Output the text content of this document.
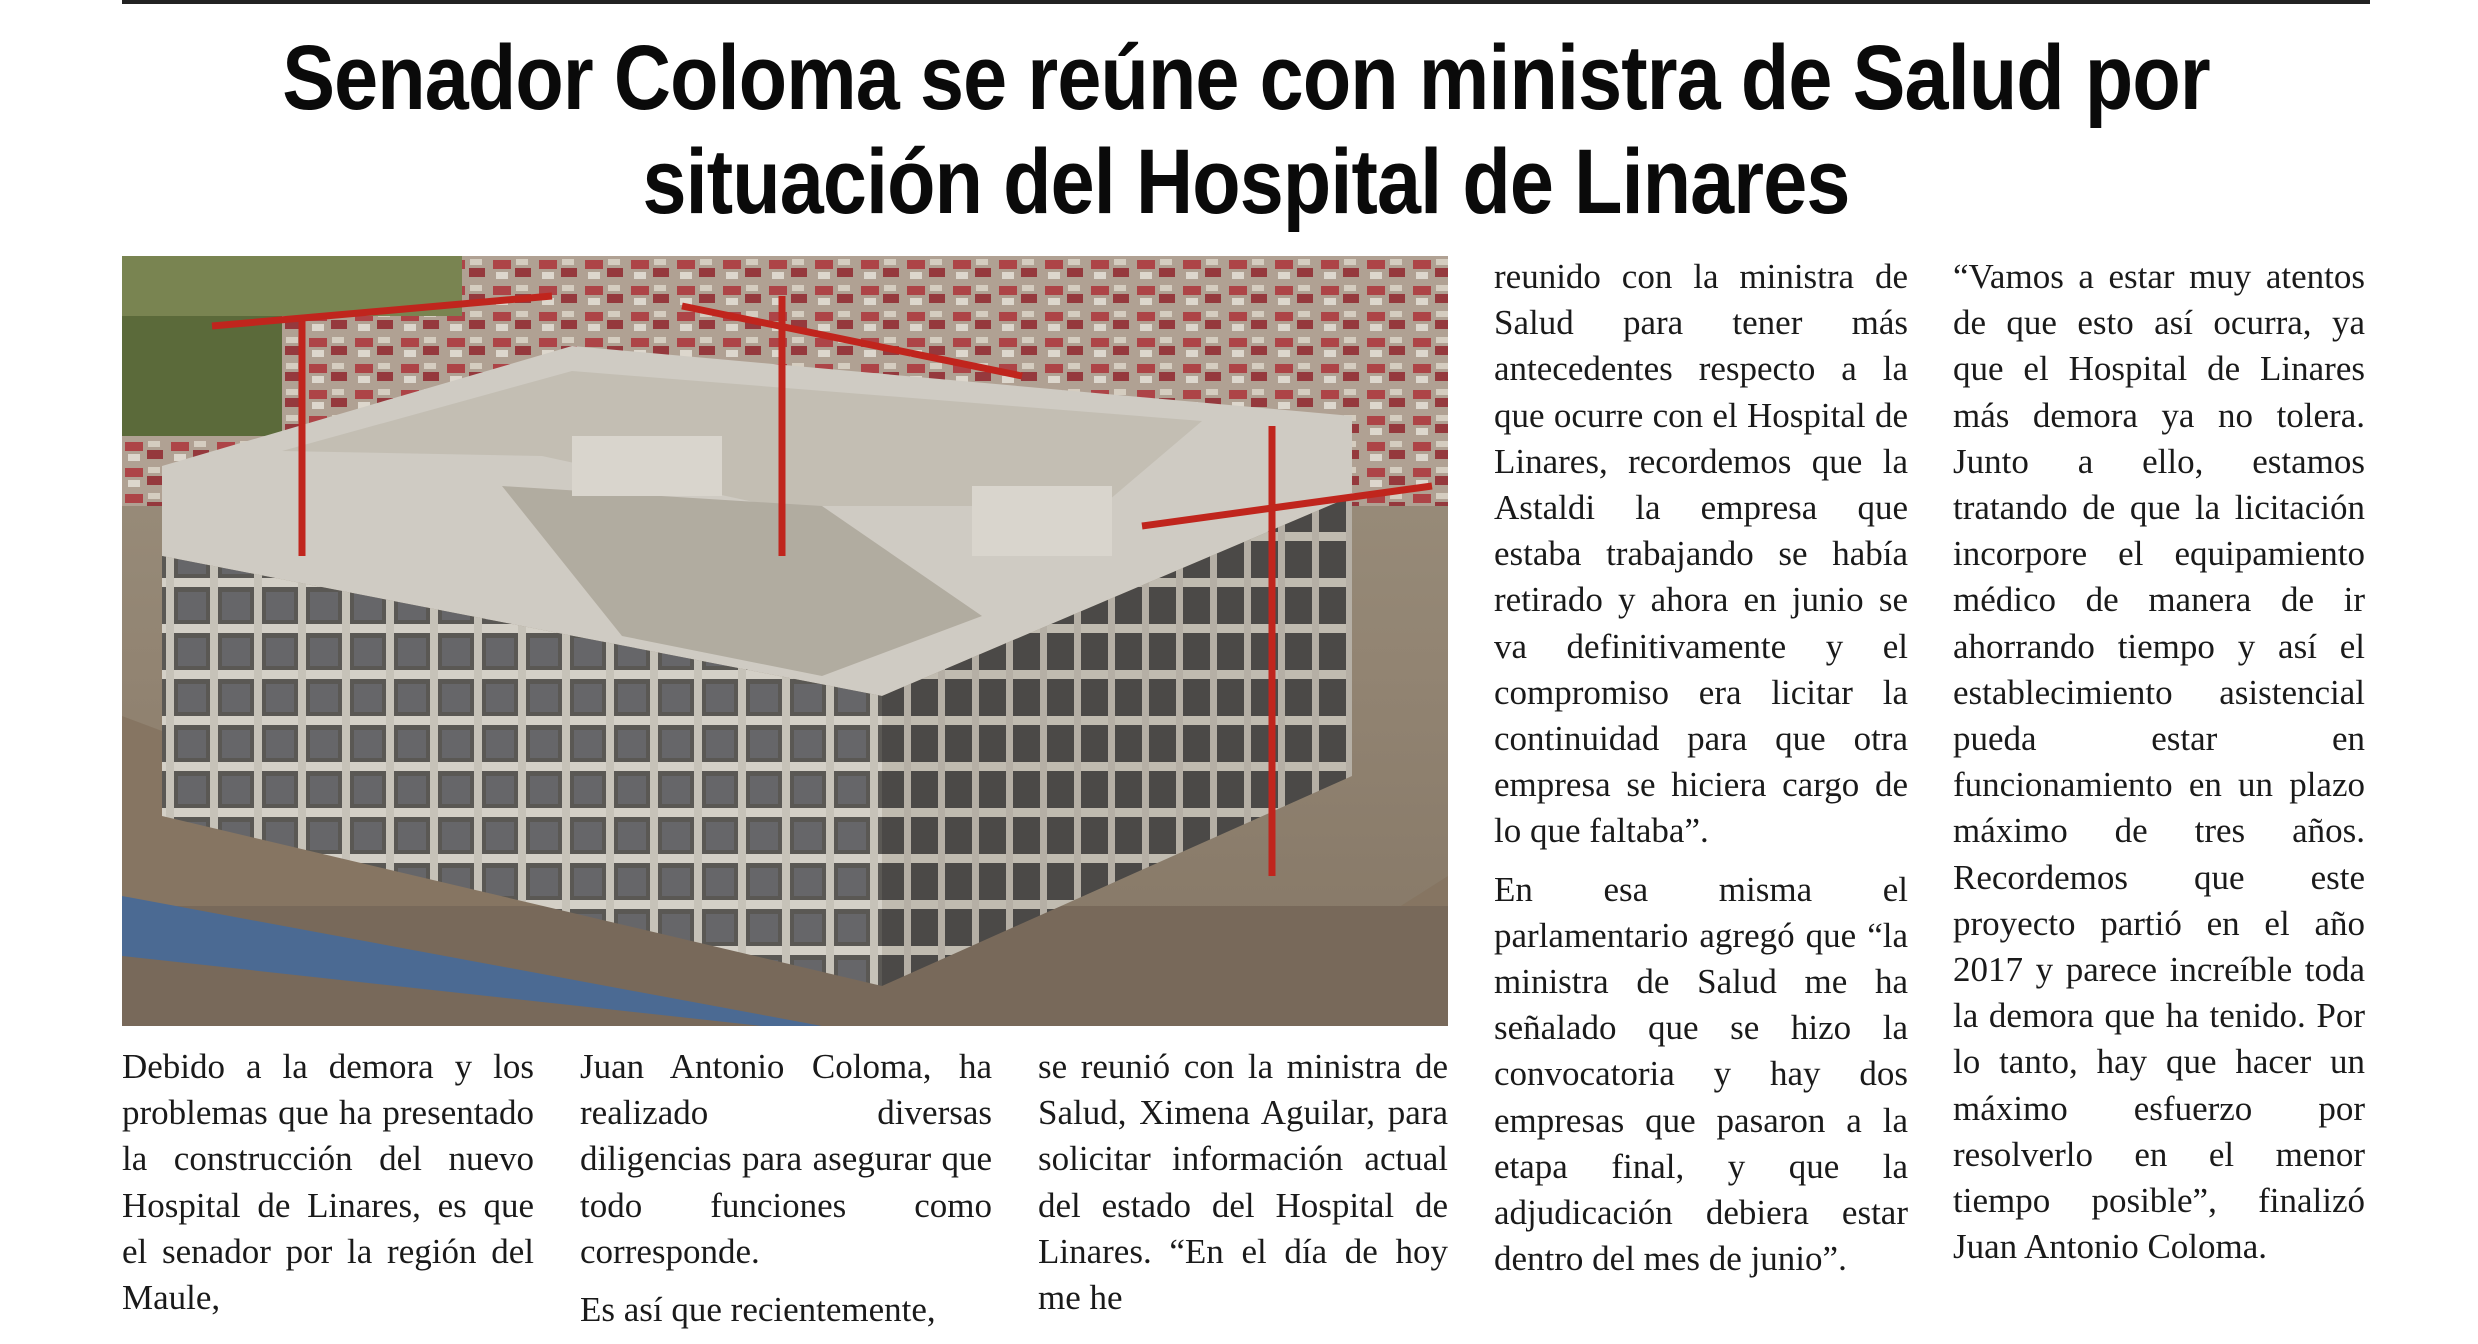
Senador Coloma se reúne con ministra de Salud por situación del Hospital de Linares

Debido a la demora y los problemas que ha presentado la construcción del nuevo Hospital de Linares, es que el senador por la región del Maule,

Juan Antonio Coloma, ha realizado diversas diligencias para asegurar que todo funciones como corresponde.

Es así que recientemente,

se reunió con la ministra de Salud, Ximena Aguilar, para solicitar información actual del estado del Hospital de Linares. “En el día de hoy me he

reunido con la ministra de Salud para tener más antecedentes respecto a la que ocurre con el Hospital de Linares, recordemos que la Astaldi la empresa que estaba trabajando se había retirado y ahora en junio se va definitivamente y el compromiso era licitar la continuidad para que otra empresa se hiciera cargo de lo que faltaba”.

En esa misma el parlamentario agregó que “la ministra de Salud me ha señalado que se hizo la convocatoria y hay dos empresas que pasaron a la etapa final, y que la adjudicación debiera estar dentro del mes de junio”.

“Vamos a estar muy atentos de que esto así ocurra, ya que el Hospital de Linares más demora ya no tolera. Junto a ello, estamos tratando de que la licitación incorpore el equipamiento médico de manera de ir ahorrando tiempo y así el establecimiento asistencial pueda estar en funcionamiento en un plazo máximo de tres años. Recordemos que este proyecto partió en el año 2017 y parece increíble toda la demora que ha tenido. Por lo tanto, hay que hacer un máximo esfuerzo por resolverlo en el menor tiempo posible”, finalizó Juan Antonio Coloma.
